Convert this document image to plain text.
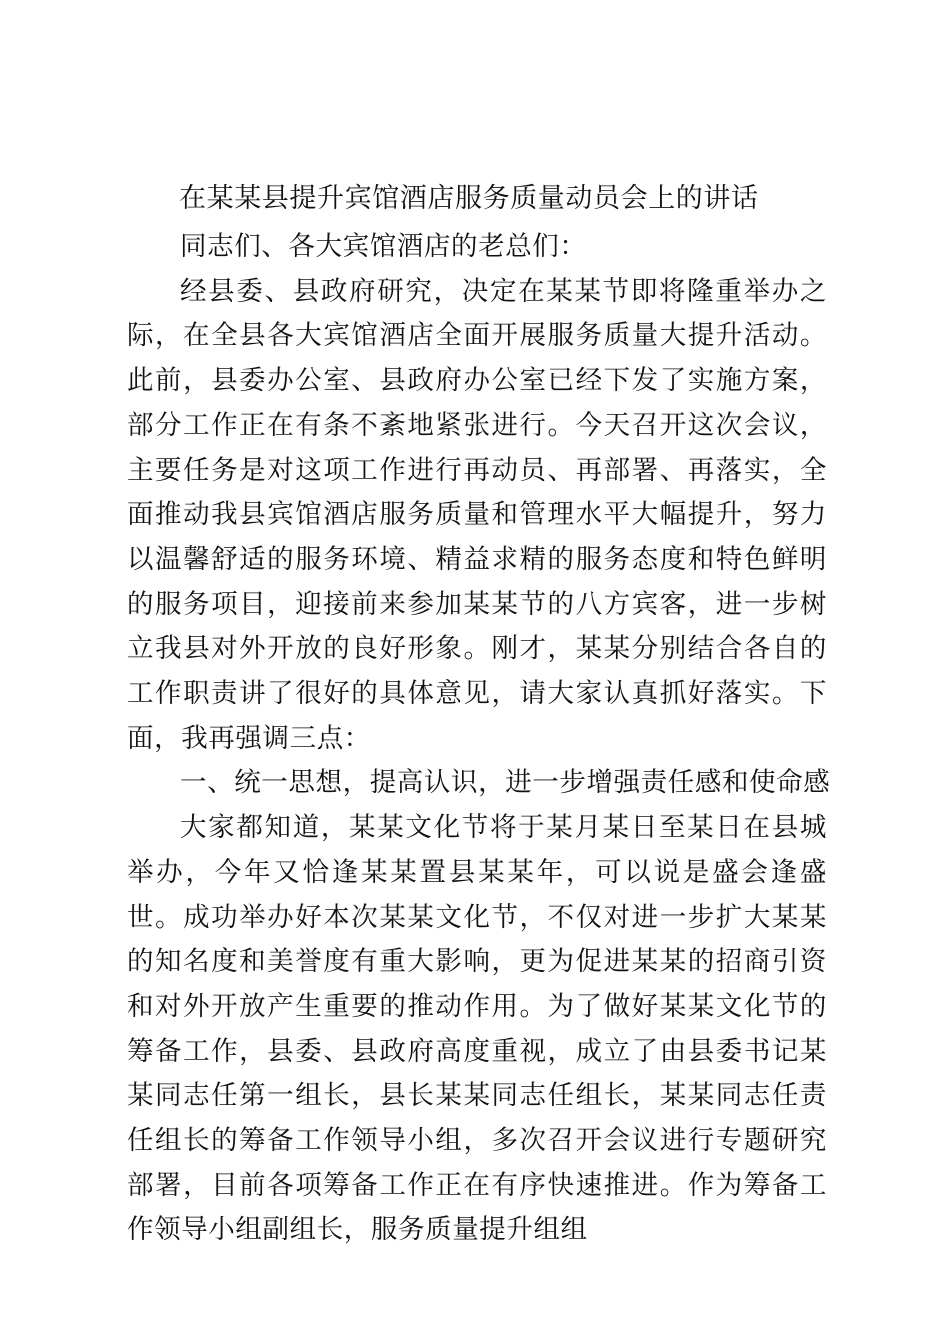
在某某县提升宾馆酒店服务质量动员会上的讲话

同志们、各大宾馆酒店的老总们：

经县委、县政府研究，决定在某某节即将隆重举办之际，在全县各大宾馆酒店全面开展服务质量大提升活动。此前，县委办公室、县政府办公室已经下发了实施方案，部分工作正在有条不紊地紧张进行。今天召开这次会议，主要任务是对这项工作进行再动员、再部署、再落实，全面推动我县宾馆酒店服务质量和管理水平大幅提升，努力以温馨舒适的服务环境、精益求精的服务态度和特色鲜明的服务项目，迎接前来参加某某节的八方宾客，进一步树立我县对外开放的良好形象。刚才，某某分别结合各自的工作职责讲了很好的具体意见，请大家认真抓好落实。下面，我再强调三点：

一、统一思想，提高认识，进一步增强责任感和使命感

大家都知道，某某文化节将于某月某日至某日在县城举办，今年又恰逢某某置县某某年，可以说是盛会逢盛世。成功举办好本次某某文化节，不仅对进一步扩大某某的知名度和美誉度有重大影响，更为促进某某的招商引资和对外开放产生重要的推动作用。为了做好某某文化节的筹备工作，县委、县政府高度重视，成立了由县委书记某某同志任第一组长，县长某某同志任组长，某某同志任责任组长的筹备工作领导小组，多次召开会议进行专题研究部署，目前各项筹备工作正在有序快速推进。作为筹备工作领导小组副组长，服务质量提升组组
